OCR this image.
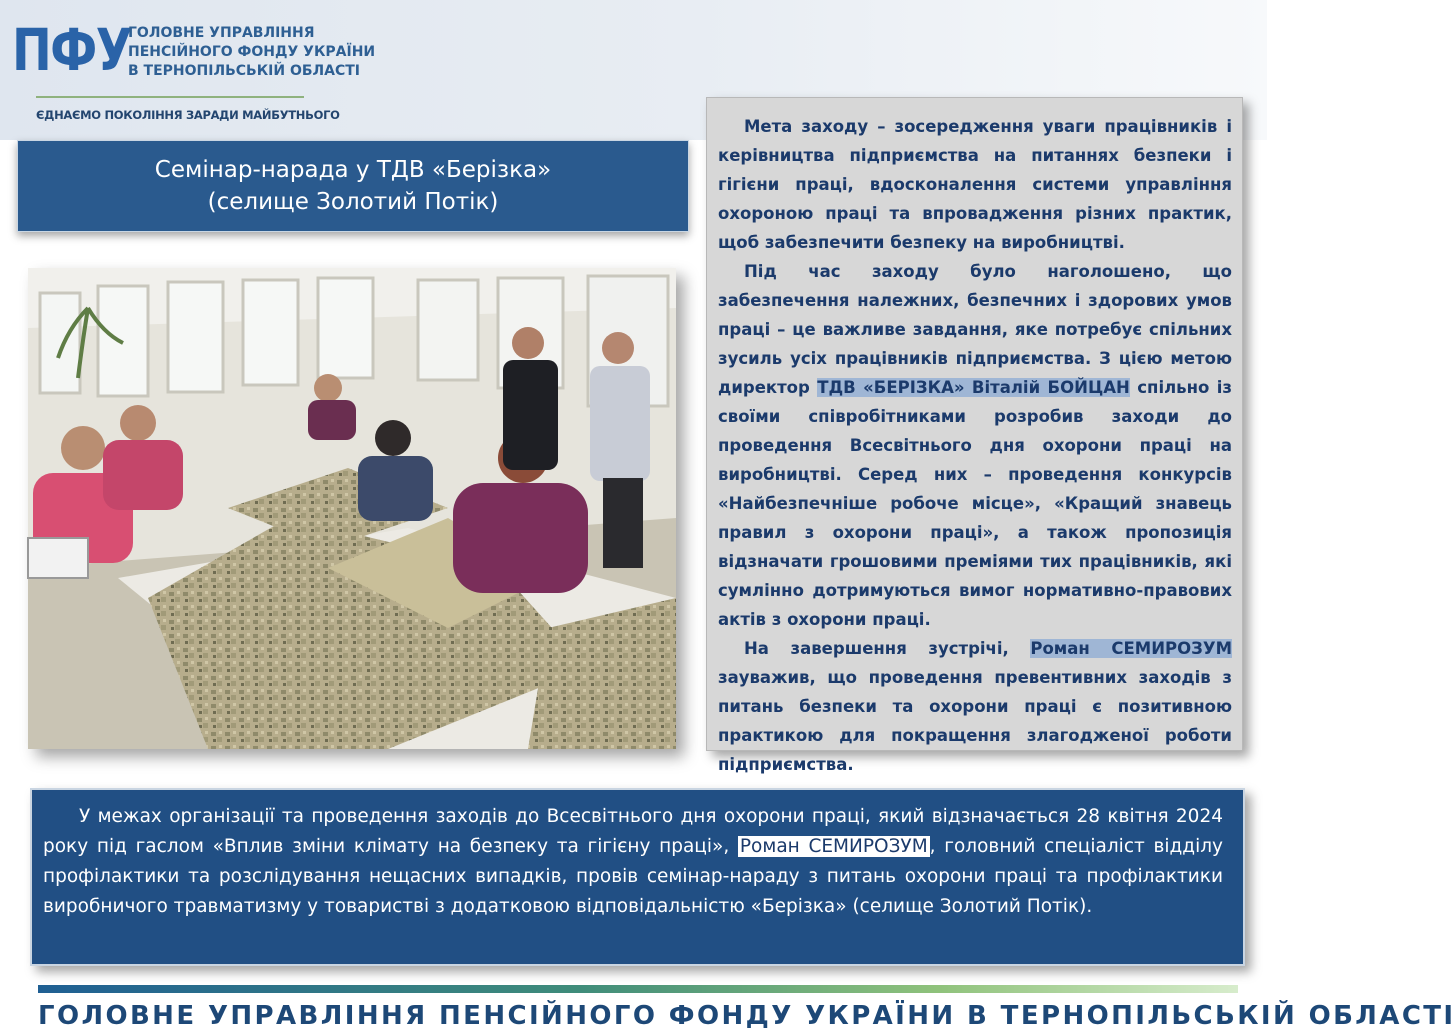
ПФУ
ГОЛОВНЕ УПРАВЛІННЯ
ПЕНСІЙНОГО ФОНДУ УКРАЇНИ
В ТЕРНОПІЛЬСЬКІЙ ОБЛАСТІ
ЄДНАЄМО ПОКОЛІННЯ ЗАРАДИ МАЙБУТНЬОГО
Семінар-нарада у ТДВ «Берізка»
(селище Золотий Потік)

Мета заходу – зосередження уваги працівників і керівництва підприємства на питаннях безпеки і гігієни праці, вдосконалення системи управління охороною праці та впровадження різних практик, щоб забезпечити безпеку на виробництві.

Під час заходу було наголошено, що забезпечення належних, безпечних і здорових умов праці – це важливе завдання, яке потребує спільних зусиль усіх працівників підприємства. З цією метою директор ТДВ «БЕРІЗКА» Віталій БОЙЦАН спільно із своїми співробітниками розробив заходи до проведення Всесвітнього дня охорони праці на виробництві. Серед них – проведення конкурсів «Найбезпечніше робоче місце», «Кращий знавець правил з охорони праці», а також пропозиція відзначати грошовими преміями тих працівників, які сумлінно дотримуються вимог нормативно-правових актів з охорони праці.

На завершення зустрічі, Роман СЕМИРОЗУМ зауважив, що проведення превентивних заходів з питань безпеки та охорони праці є позитивною практикою для покращення злагодженої роботи підприємства.

У межах організації та проведення заходів до Всесвітнього дня охорони праці, який відзначається 28 квітня 2024 року під гаслом «Вплив зміни клімату на безпеку та гігієну праці», Роман СЕМИРОЗУМ , головний спеціаліст відділу профілактики та розслідування нещасних випадків, провів семінар-нараду з питань охорони праці та профілактики виробничого травматизму у товаристві з додатковою відповідальністю «Берізка» (селище Золотий Потік).

ГОЛОВНЕ УПРАВЛІННЯ ПЕНСІЙНОГО ФОНДУ УКРАЇНИ В ТЕРНОПІЛЬСЬКІЙ ОБЛАСТІ
